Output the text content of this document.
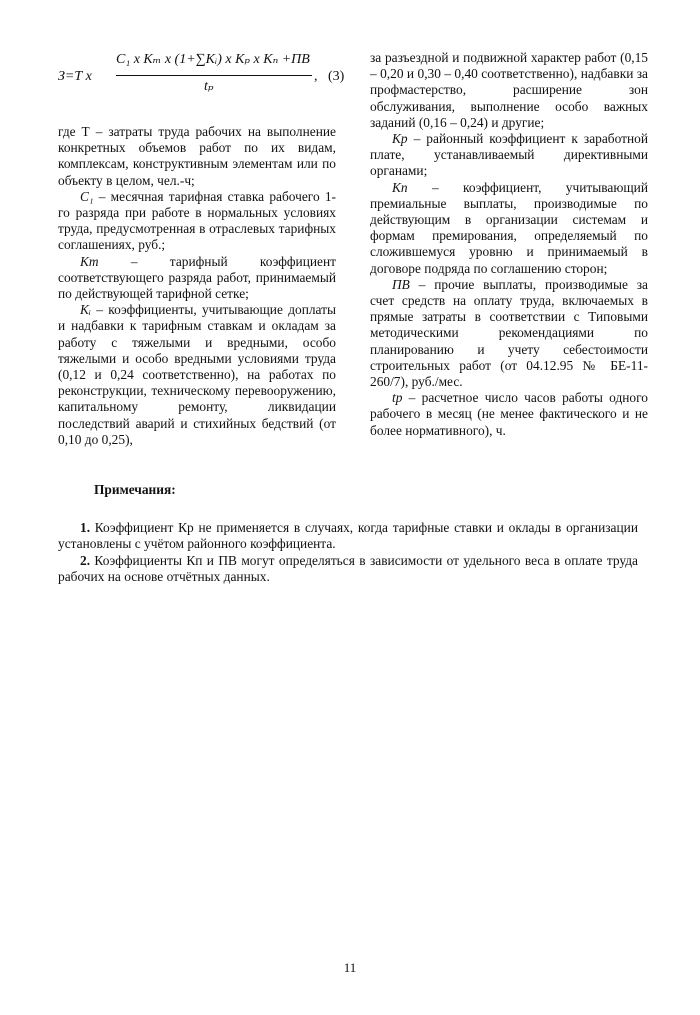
З=Т х
C₁ x Kₘ x (1+∑Kᵢ) x Kₚ x Kₙ +ПВ
tₚ
, (3)

где Т – затраты труда рабочих на выполнение конкретных объемов работ по их видам, комплексам, конструктивным элементам или по объекту в целом, чел.-ч;

С₁ – месячная тарифная ставка рабочего 1-го разряда при работе в нормальных условиях труда, предусмотренная в отраслевых тарифных соглашениях, руб.;

Кт – тарифный коэффициент соответствующего разряда работ, принимаемый по действующей тарифной сетке;

Кᵢ – коэффициенты, учитывающие доплаты и надбавки к тарифным ставкам и окладам за работу с тяжелыми и вредными, особо тяжелыми и особо вредными условиями труда (0,12 и 0,24 соответственно), на работах по реконструкции, техническому перевооружению, капитальному ремонту, ликвидации последствий аварий и стихийных бедствий (от 0,10 до 0,25),

за разъездной и подвижной характер работ (0,15 – 0,20 и 0,30 – 0,40 соответственно), надбавки за профмастерство, расширение зон обслуживания, выполнение особо важных заданий (0,16 – 0,24) и другие;

Кр – районный коэффициент к заработной плате, устанавливаемый директивными органами;

Кп – коэффициент, учитывающий премиальные выплаты, производимые по действующим в организации системам и формам премирования, определяемый по сложившемуся уровню и принимаемый в договоре подряда по соглашению сторон;

ПВ – прочие выплаты, производимые за счет средств на оплату труда, включаемых в прямые затраты в соответствии с Типовыми методическими рекомендациями по планированию и учету себестоимости строительных работ (от 04.12.95 № БЕ-11-260/7), руб./мес.

tр – расчетное число часов работы одного рабочего в месяц (не менее фактического и не более нормативного), ч.

Примечания:

1. Коэффициент Кр не применяется в случаях, когда тарифные ставки и оклады в организации установлены с учётом районного коэффициента.

2. Коэффициенты Кп и ПВ могут определяться в зависимости от удельного веса в оплате труда рабочих на основе отчётных данных.

11
